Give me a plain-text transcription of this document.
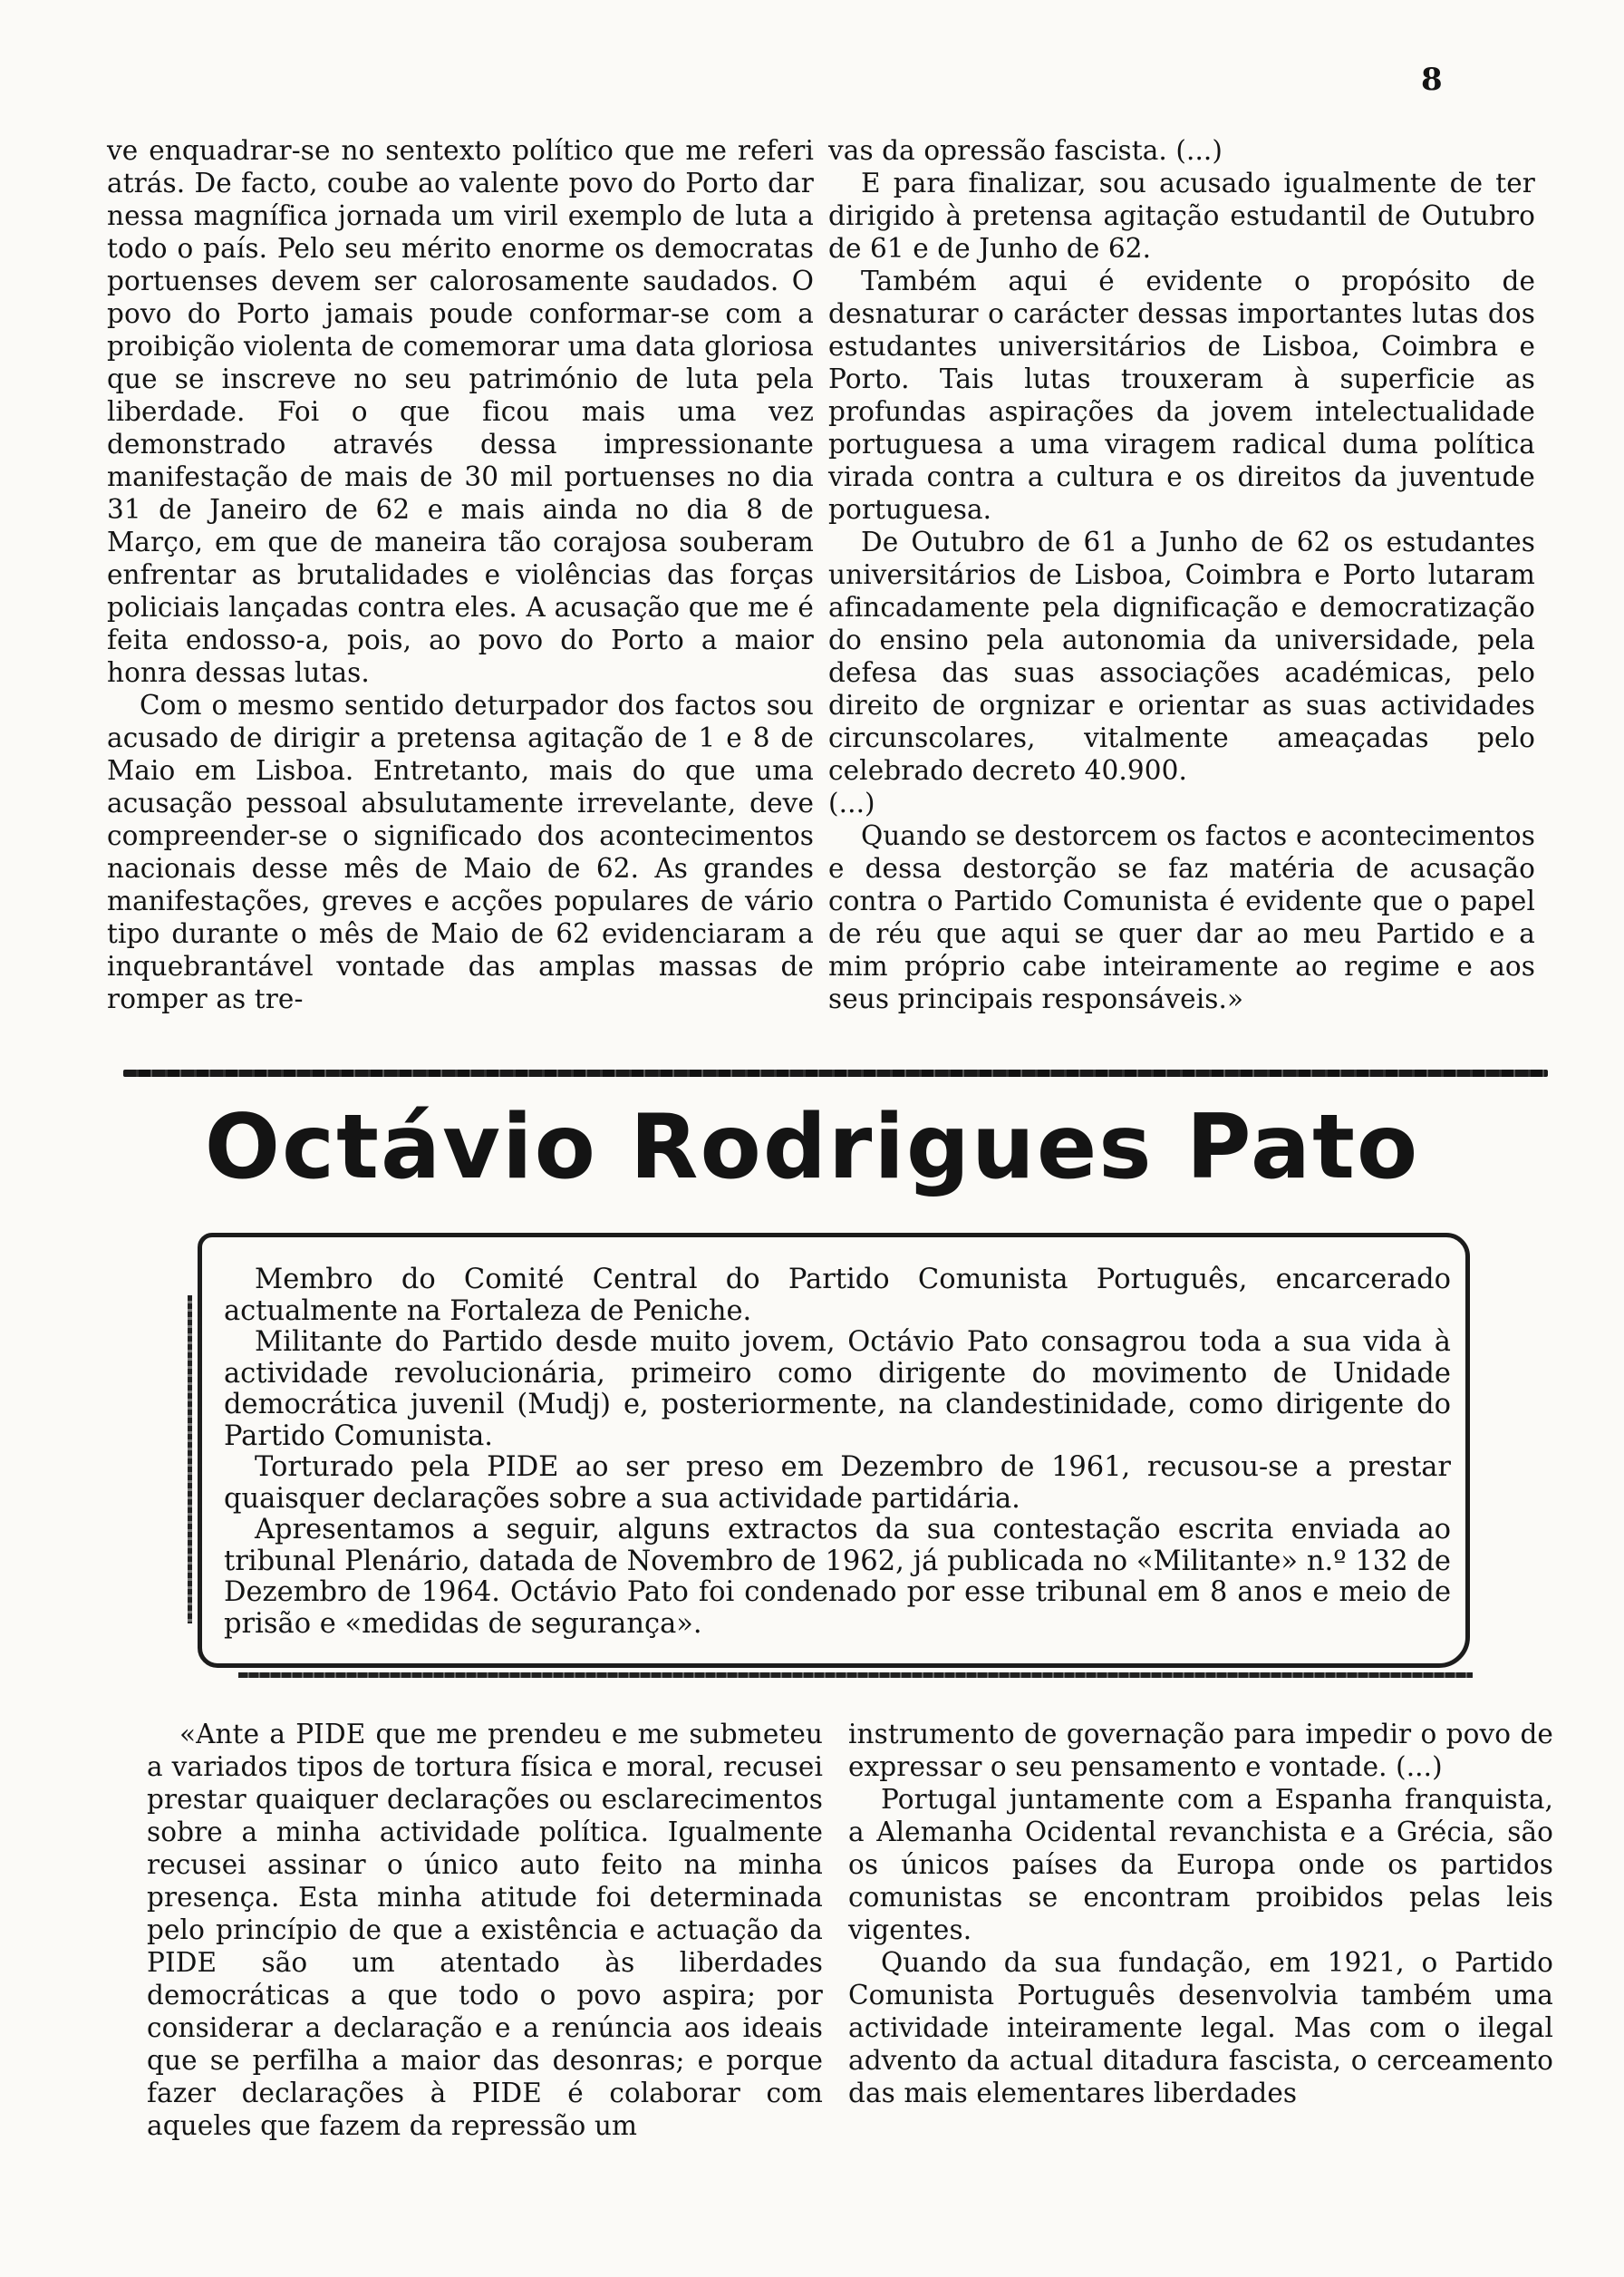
8

ve enquadrar-se no sentexto político que me referi atrás. De facto, coube ao valente povo do Porto dar nessa magnífica jornada um viril exemplo de luta a todo o país. Pelo seu mérito enorme os democratas portuenses devem ser calorosamente saudados. O povo do Porto jamais poude conformar-se com a proibição violenta de comemorar uma data gloriosa que se inscreve no seu património de luta pela liberdade. Foi o que ficou mais uma vez demonstrado através dessa impressionante manifestação de mais de 30 mil portuenses no dia 31 de Janeiro de 62 e mais ainda no dia 8 de Março, em que de maneira tão corajosa souberam enfrentar as brutalidades e violências das forças policiais lançadas contra eles. A acusação que me é feita endosso-a, pois, ao povo do Porto a maior honra dessas lutas.

Com o mesmo sentido deturpador dos factos sou acusado de dirigir a pretensa agitação de 1 e 8 de Maio em Lisboa. Entretanto, mais do que uma acusação pessoal absulutamente irrevelante, deve compreender-se o significado dos acontecimentos nacionais desse mês de Maio de 62. As grandes manifestações, greves e acções populares de vário tipo durante o mês de Maio de 62 evidenciaram a inquebrantável vontade das amplas massas de romper as tre-

vas da opressão fascista. (...)

E para finalizar, sou acusado igualmente de ter dirigido à pretensa agitação estudantil de Outubro de 61 e de Junho de 62.

Também aqui é evidente o propósito de desnaturar o carácter dessas importantes lutas dos estudantes universitários de Lisboa, Coimbra e Porto. Tais lutas trouxeram à superficie as profundas aspirações da jovem intelectualidade portuguesa a uma viragem radical duma política virada contra a cultura e os direitos da juventude portuguesa.

De Outubro de 61 a Junho de 62 os estudantes universitários de Lisboa, Coimbra e Porto lutaram afincadamente pela dignificação e democratização do ensino pela autonomia da universidade, pela defesa das suas associações académicas, pelo direito de orgnizar e orientar as suas actividades circunscolares, vitalmente ameaçadas pelo celebrado decreto 40.900.

(...)

Quando se destorcem os factos e acontecimentos e dessa destorção se faz matéria de acusação contra o Partido Comunista é evidente que o papel de réu que aqui se quer dar ao meu Partido e a mim próprio cabe inteiramente ao regime e aos seus principais responsáveis.»

Octávio Rodrigues Pato

Membro do Comité Central do Partido Comunista Português, encarcerado actualmente na Fortaleza de Peniche.

Militante do Partido desde muito jovem, Octávio Pato consagrou toda a sua vida à actividade revolucionária, primeiro como dirigente do movimento de Unidade democrática juvenil (Mudj) e, posteriormente, na clandestinidade, como dirigente do Partido Comunista.

Torturado pela PIDE ao ser preso em Dezembro de 1961, recusou-se a prestar quaisquer declarações sobre a sua actividade partidária.

Apresentamos a seguir, alguns extractos da sua contestação escrita enviada ao tribunal Plenário, datada de Novembro de 1962, já publicada no «Militante» n.º 132 de Dezembro de 1964. Octávio Pato foi condenado por esse tribunal em 8 anos e meio de prisão e «medidas de segurança».

«Ante a PIDE que me prendeu e me submeteu a variados tipos de tortura física e moral, recusei prestar quaiquer declarações ou esclarecimentos sobre a minha actividade política. Igualmente recusei assinar o único auto feito na minha presença. Esta minha atitude foi determinada pelo princípio de que a existência e actuação da PIDE são um atentado às liberdades democráticas a que todo o povo aspira; por considerar a declaração e a renúncia aos ideais que se perfilha a maior das desonras; e porque fazer declarações à PIDE é colaborar com aqueles que fazem da repressão um

instrumento de governação para impedir o povo de expressar o seu pensamento e vontade. (...)

Portugal juntamente com a Espanha franquista, a Alemanha Ocidental revanchista e a Grécia, são os únicos países da Europa onde os partidos comunistas se encontram proibidos pelas leis vigentes.

Quando da sua fundação, em 1921, o Partido Comunista Português desenvolvia também uma actividade inteiramente legal. Mas com o ilegal advento da actual ditadura fascista, o cerceamento das mais elementares liberdades
